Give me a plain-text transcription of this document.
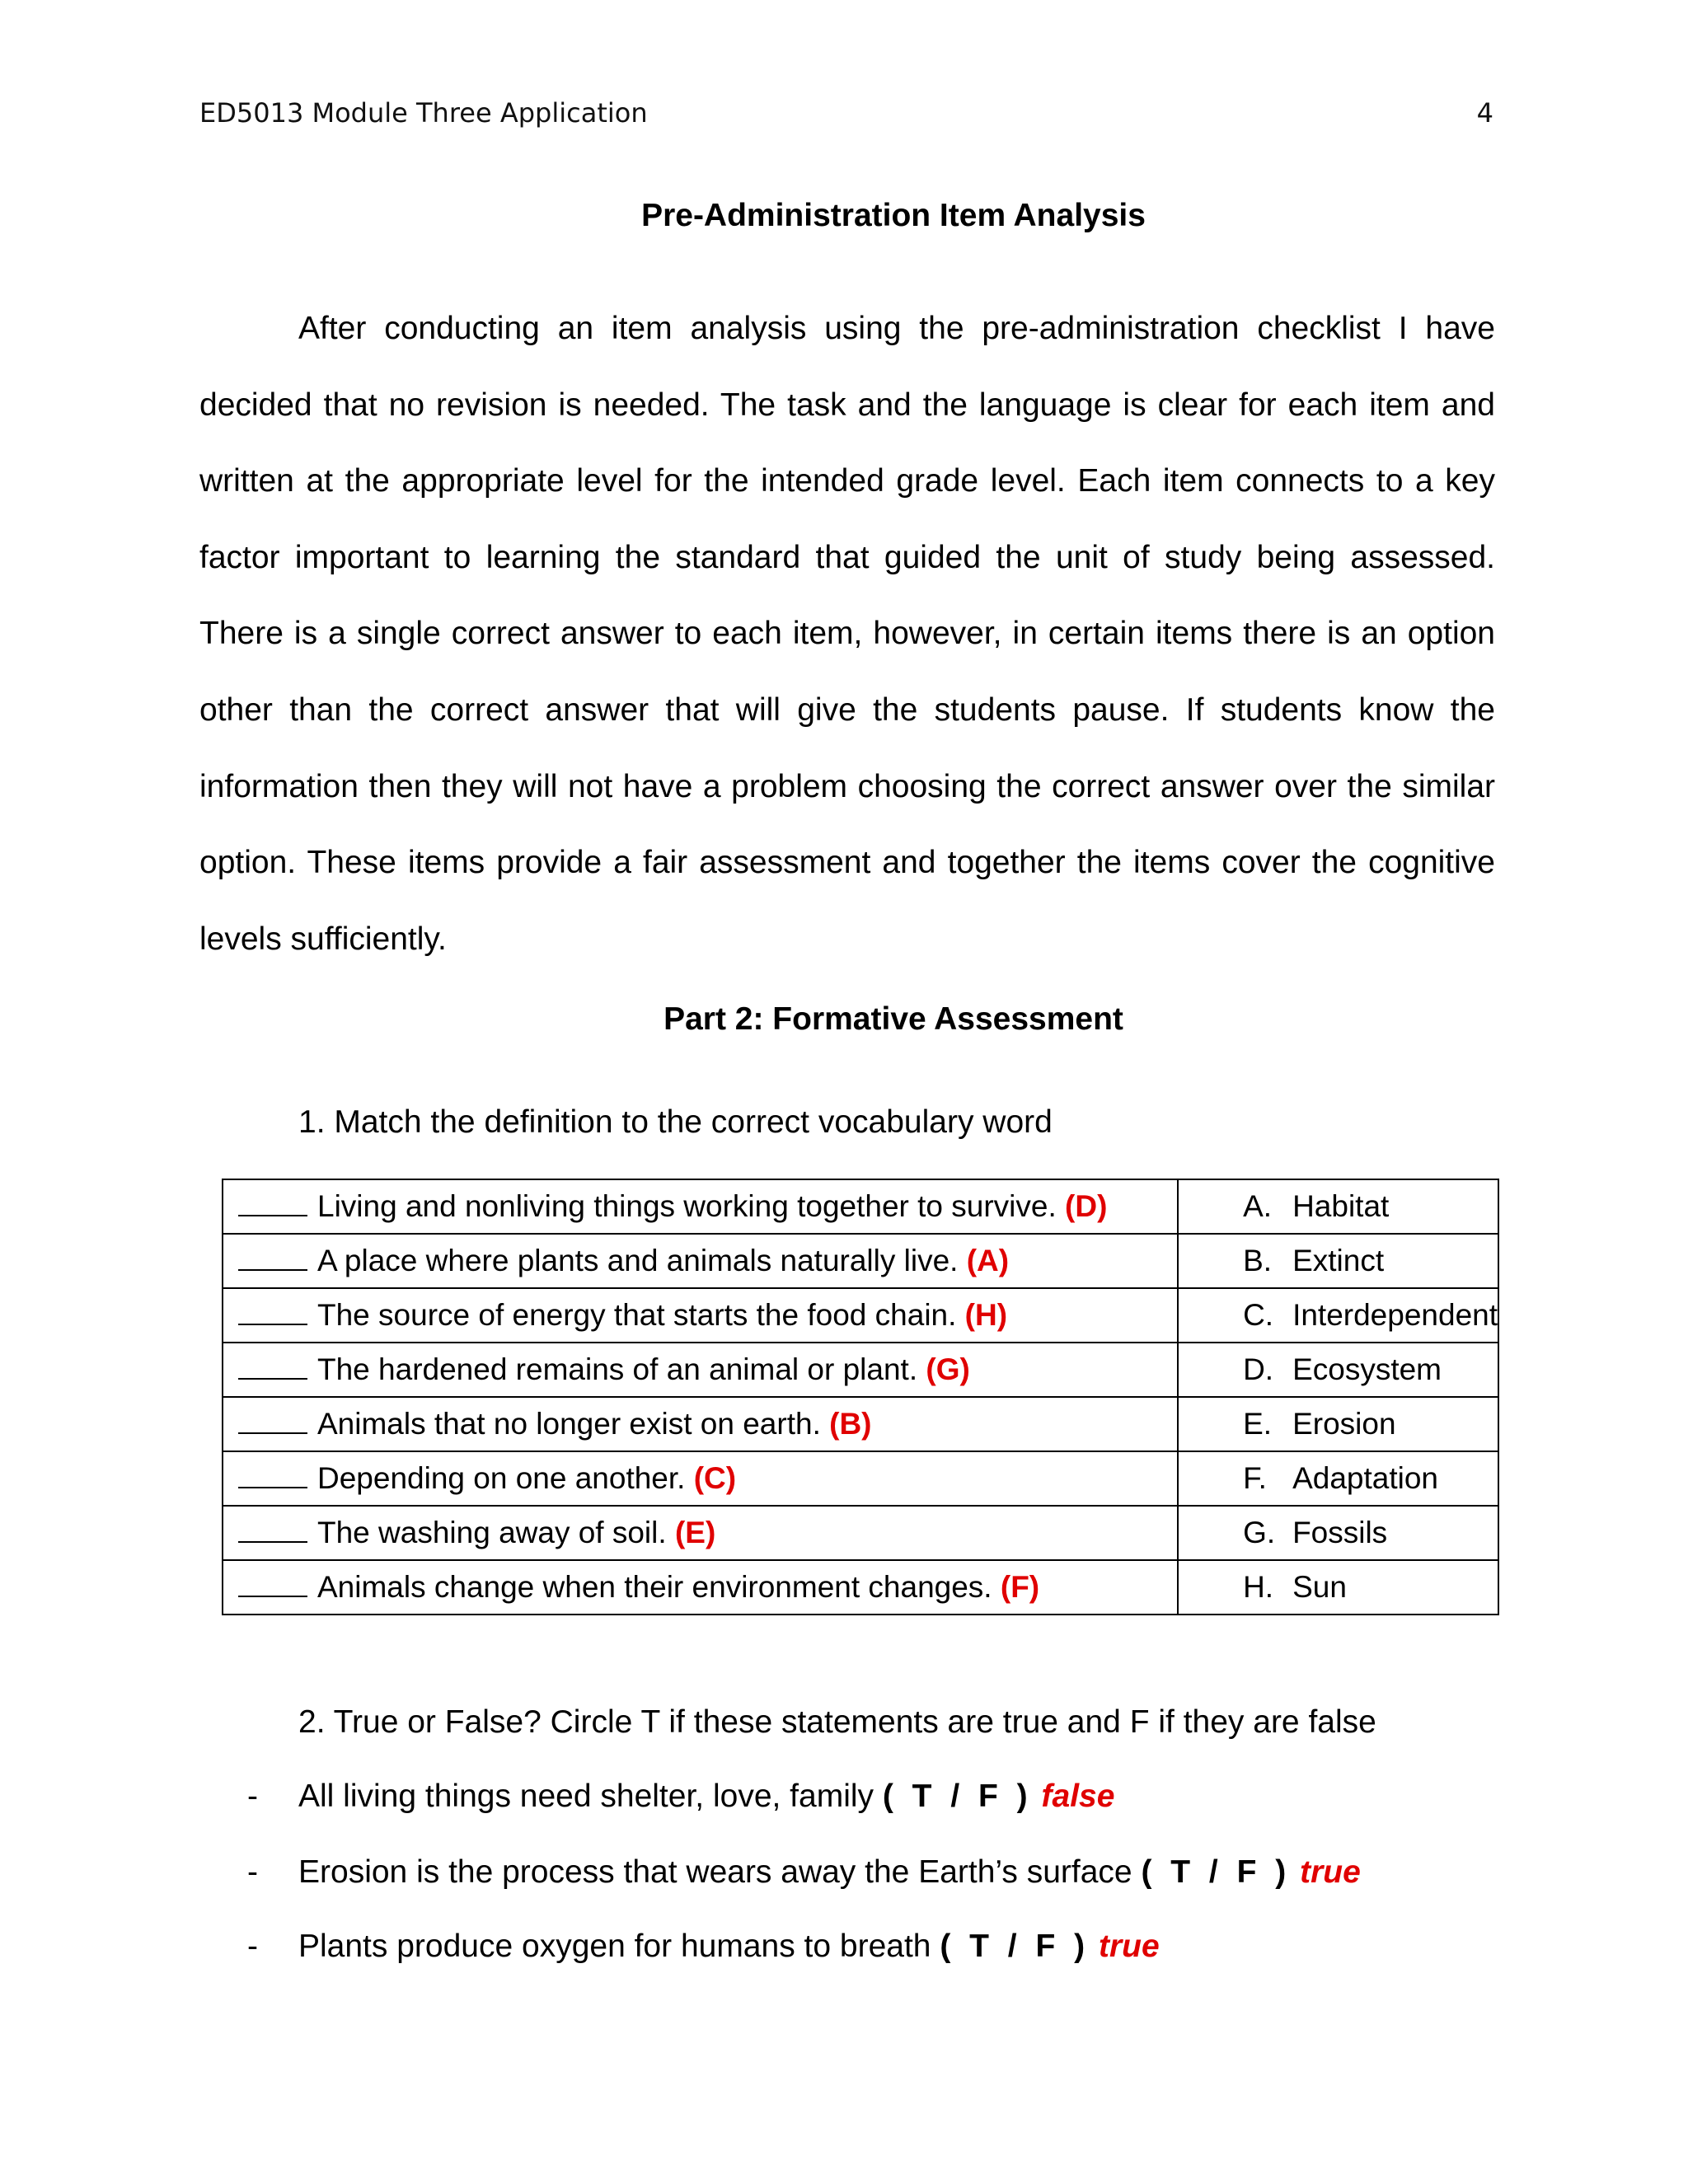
ED5013 Module Three Application	4
Pre-Administration Item Analysis

After conducting an item analysis using the pre-administration checklist I have decided that no revision is needed. The task and the language is clear for each item and written at the appropriate level for the intended grade level. Each item connects to a key factor important to learning the standard that guided the unit of study being assessed. There is a single correct answer to each item, however, in certain items there is an option other than the correct answer that will give the students pause. If students know the information then they will not have a problem choosing the correct answer over the similar option. These items provide a fair assessment and together the items cover the cognitive levels sufficiently.

Part 2: Formative Assessment
1. Match the definition to the correct vocabulary word
Living and nonliving things working together to survive. (D)	A. Habitat
A place where plants and animals naturally live. (A)	B. Extinct
The source of energy that starts the food chain. (H)	C. Interdependent
The hardened remains of an animal or plant. (G)	D. Ecosystem
Animals that no longer exist on earth. (B)	E. Erosion
Depending on one another. (C)	F. Adaptation
The washing away of soil. (E)	G. Fossils
Animals change when their environment changes. (F)	H. Sun
2. True or False? Circle T if these statements are true and F if they are false
- All living things need shelter, love, family ( T / F ) false
- Erosion is the process that wears away the Earth’s surface ( T / F ) true
- Plants produce oxygen for humans to breath ( T / F ) true
